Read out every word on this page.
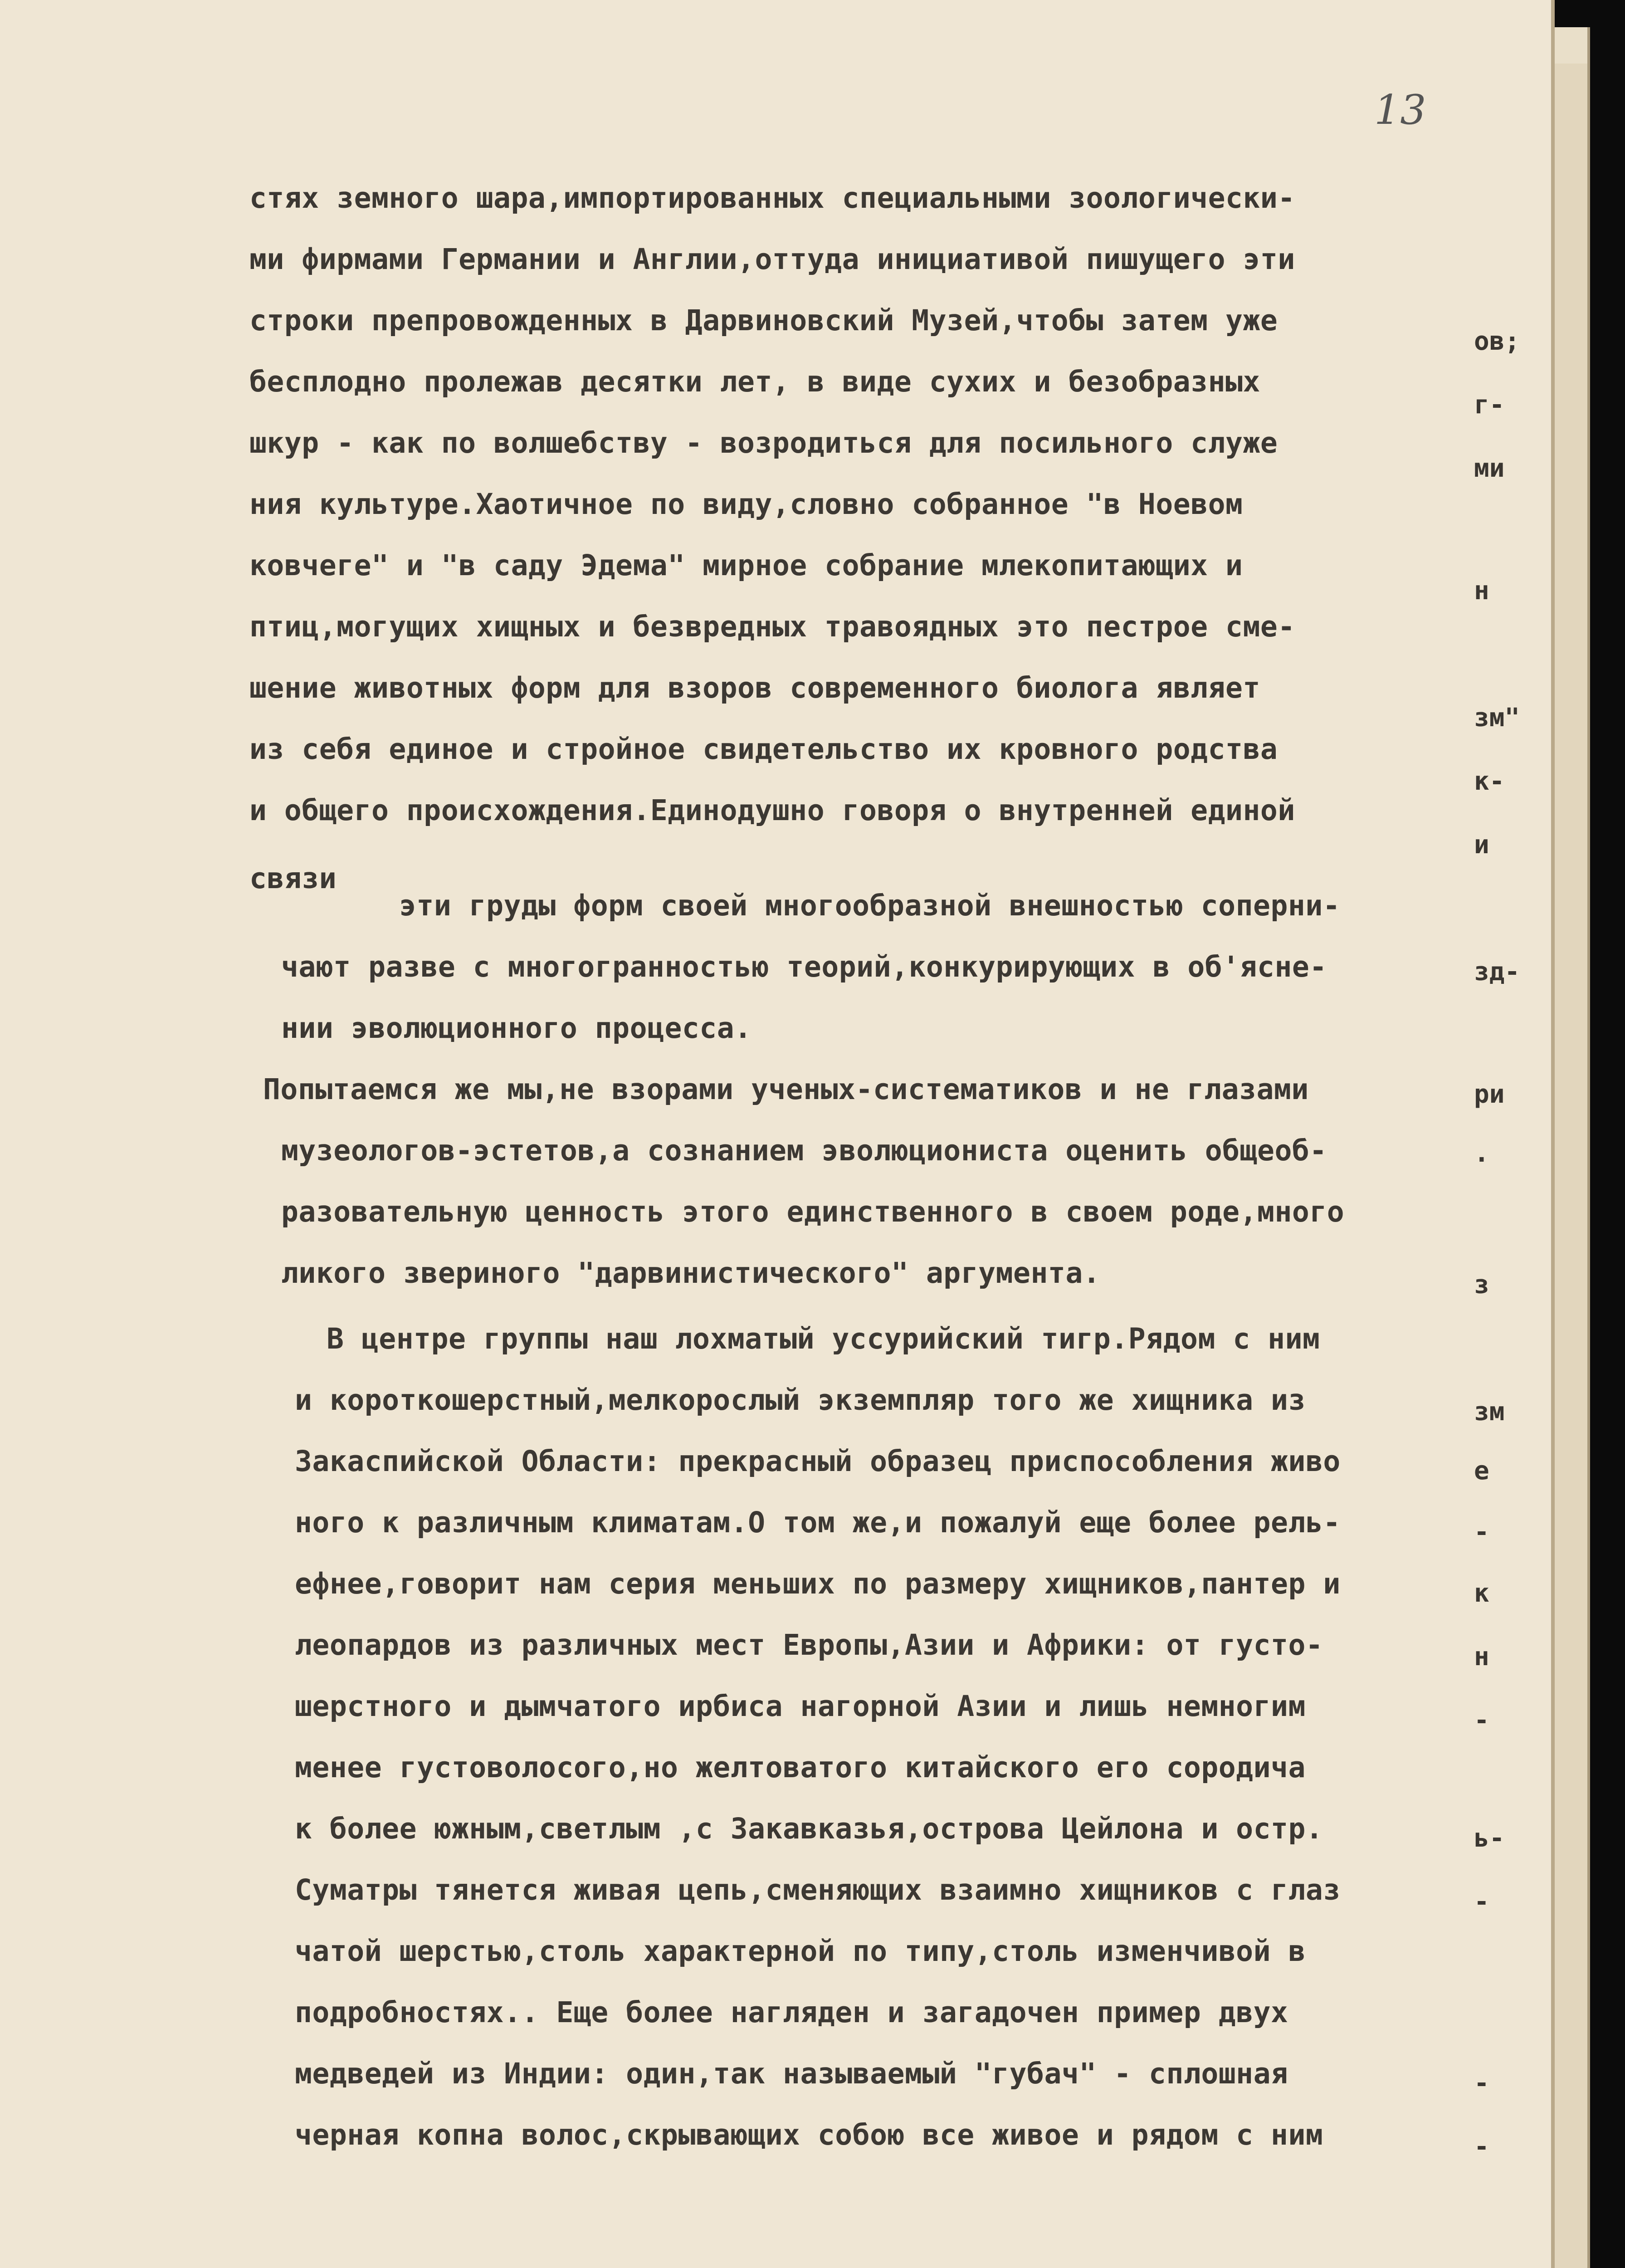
13
стях земного шара,импортированных специальными зоологически-
ми фирмами Германии и Англии,оттуда инициативой пишущего эти
строки препровожденных в Дарвиновский Музей,чтобы затем уже
бесплодно пролежав десятки лет, в виде сухих и безобразных
шкур - как по волшебству - возродиться для посильного служе
ния культуре.Хаотичное по виду,словно собранное "в Ноевом
ковчеге" и "в саду Эдема" мирное собрание млекопитающих и
птиц,могущих хищных и безвредных травоядных это пестрое сме-
шение животных форм для взоров современного биолога являет
из себя единое и стройное свидетельство их кровного родства
и общего происхождения.Единодушно говоря о внутренней единой
связи
эти груды форм своей многообразной внешностью соперни-
чают разве с многогранностью теорий,конкурирующих в об'ясне-
нии эволюционного процесса.
Попытаемся же мы,не взорами ученых-систематиков и не глазами
музеологов-эстетов,а сознанием эволюциониста оценить общеоб-
разовательную ценность этого единственного в своем роде,много
ликого звериного "дарвинистического" аргумента.
В центре группы наш лохматый уссурийский тигр.Рядом с ним
и короткошерстный,мелкорослый экземпляр того же хищника из
Закаспийской Области: прекрасный образец приспособления живо
ного к различным климатам.О том же,и пожалуй еще более рель-
ефнее,говорит нам серия меньших по размеру хищников,пантер и
леопардов из различных мест Европы,Азии и Африки: от густо-
шерстного и дымчатого ирбиса нагорной Азии и лишь немногим
менее густоволосого,но желтоватого китайского его сородича
к более южным,светлым ,с Закавказья,острова Цейлона и остр.
Суматры тянется живая цепь,сменяющих взаимно хищников с глаз
чатой шерстью,столь характерной по типу,столь изменчивой в
подробностях.. Еще более нагляден и загадочен пример двух
медведей из Индии: один,так называемый "губач" - сплошная
черная копна волос,скрывающих собою все живое и рядом с ним
ов;
г-
ми
н
зм"
к-
и
зд-
ри
.
з
зм
е
-
к
н
-
ь-
-
-
-
